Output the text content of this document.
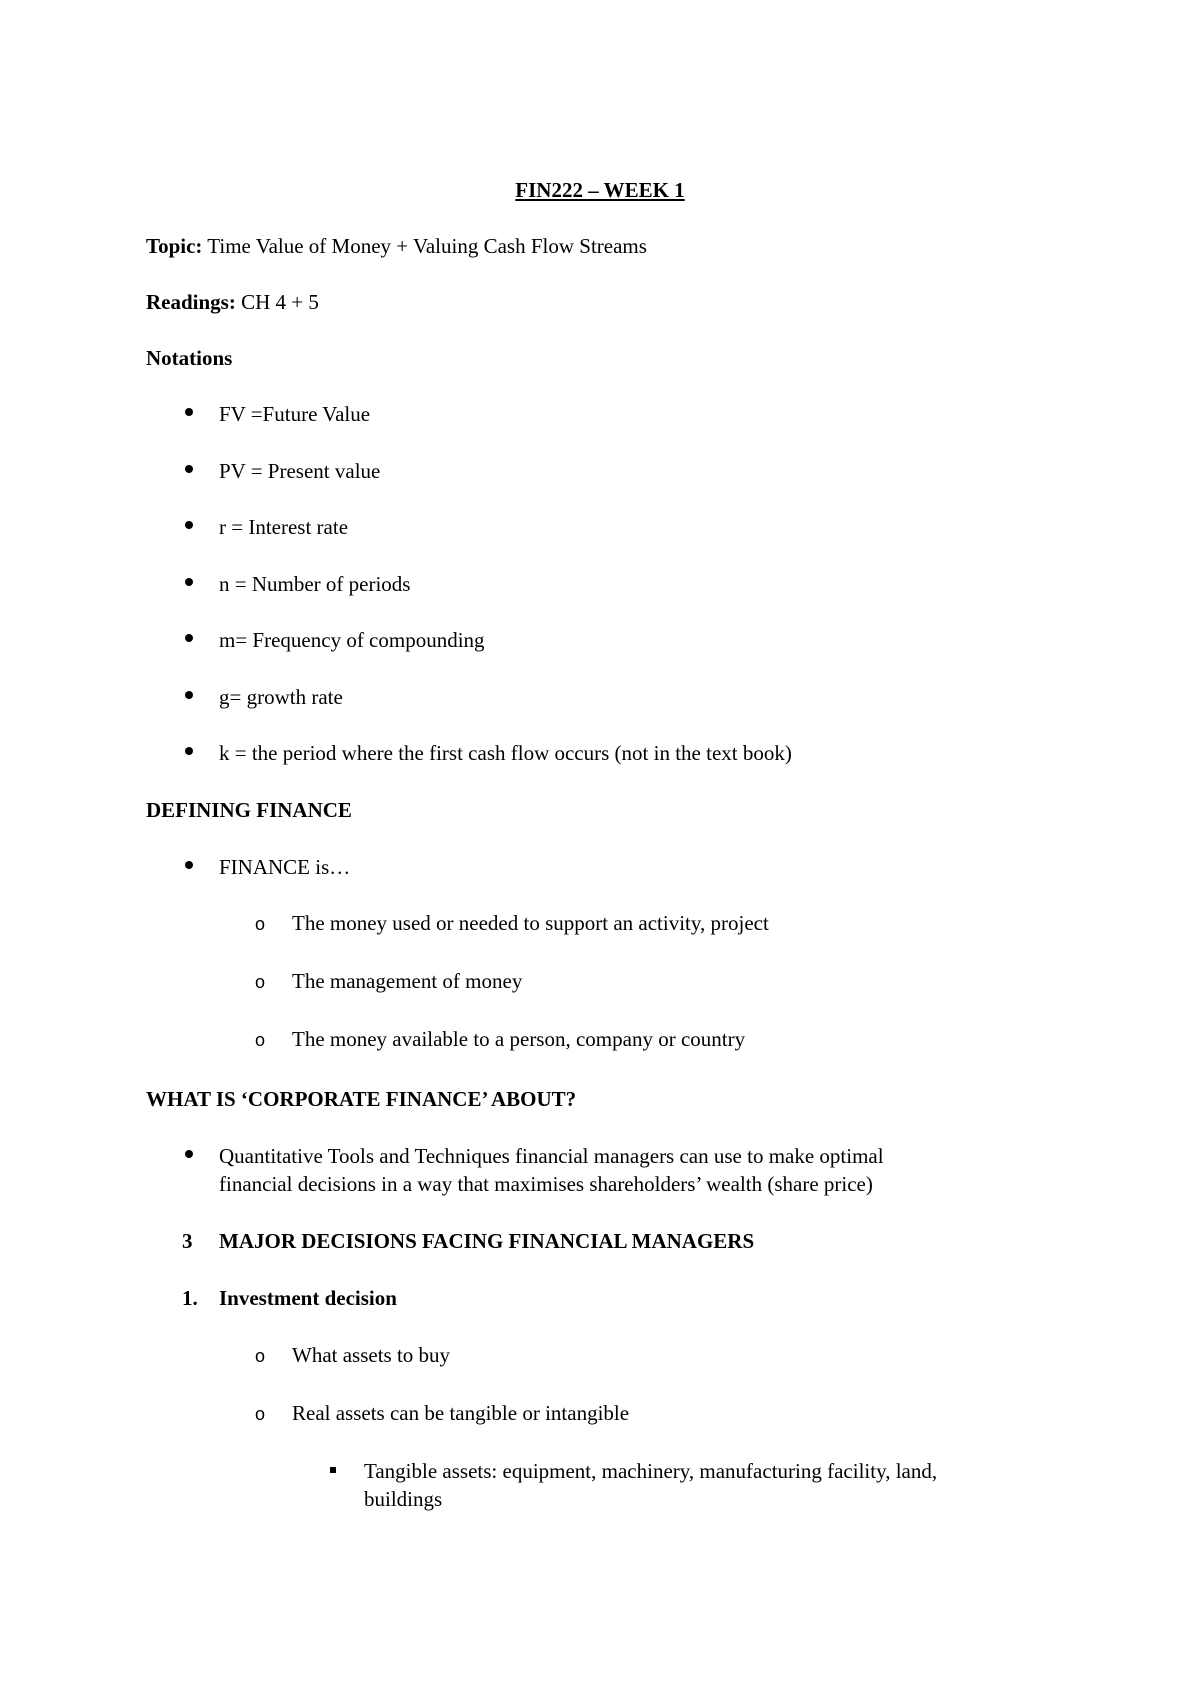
FIN222 – WEEK 1
Topic: Time Value of Money + Valuing Cash Flow Streams
Readings: CH 4 + 5
Notations
FV =Future Value
PV = Present value
r = Interest rate
n = Number of periods
m= Frequency of compounding
g= growth rate
k = the period where the first cash flow occurs (not in the text book)
DEFINING FINANCE
FINANCE is…
o The money used or needed to support an activity, project
o The management of money
o The money available to a person, company or country
WHAT IS ‘CORPORATE FINANCE’ ABOUT?
Quantitative Tools and Techniques financial managers can use to make optimal
financial decisions in a way that maximises shareholders’ wealth (share price)
3 MAJOR DECISIONS FACING FINANCIAL MANAGERS
1. Investment decision
o What assets to buy
o Real assets can be tangible or intangible
Tangible assets: equipment, machinery, manufacturing facility, land,
buildings
